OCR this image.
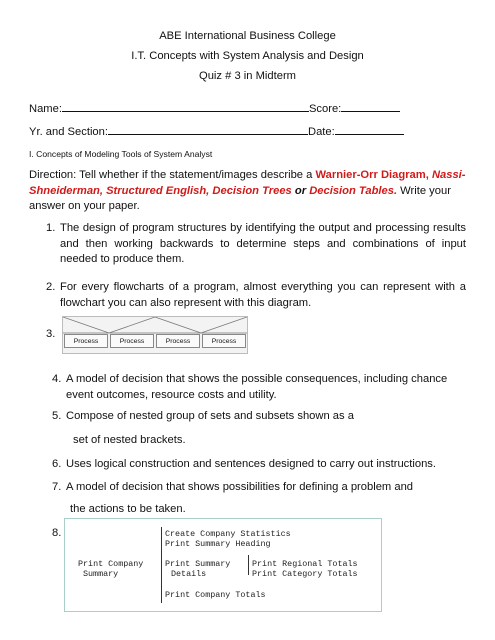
ABE International Business College
I.T. Concepts with System Analysis and Design
Quiz # 3 in Midterm
Name:	Score:
Yr. and Section:	Date:
I. Concepts of Modeling Tools of System Analyst
Direction: Tell whether if the statement/images describe a Warnier-Orr Diagram, Nassi-Shneiderman, Structured English, Decision Trees or Decision Tables. Write your answer on your paper.
1. The design of program structures by identifying the output and processing results and then working backwards to determine steps and combinations of input needed to produce them.
2. For every flowcharts of a program, almost everything you can represent with a flowchart you can also represent with this diagram.
3.
Process	Process	Process	Process
4. A model of decision that shows the possible consequences, including chance event outcomes, resource costs and utility.
5. Compose of nested group of sets and subsets shown as a
set of nested brackets.
6. Uses logical construction and sentences designed to carry out instructions.
7. A model of decision that shows possibilities for defining a problem and
the actions to be taken.
8.	Create Company Statistics
Print Summary Heading
Print Company
Summary
Print Summary
Details
Print Regional Totals
Print Category Totals
Print Company Totals
